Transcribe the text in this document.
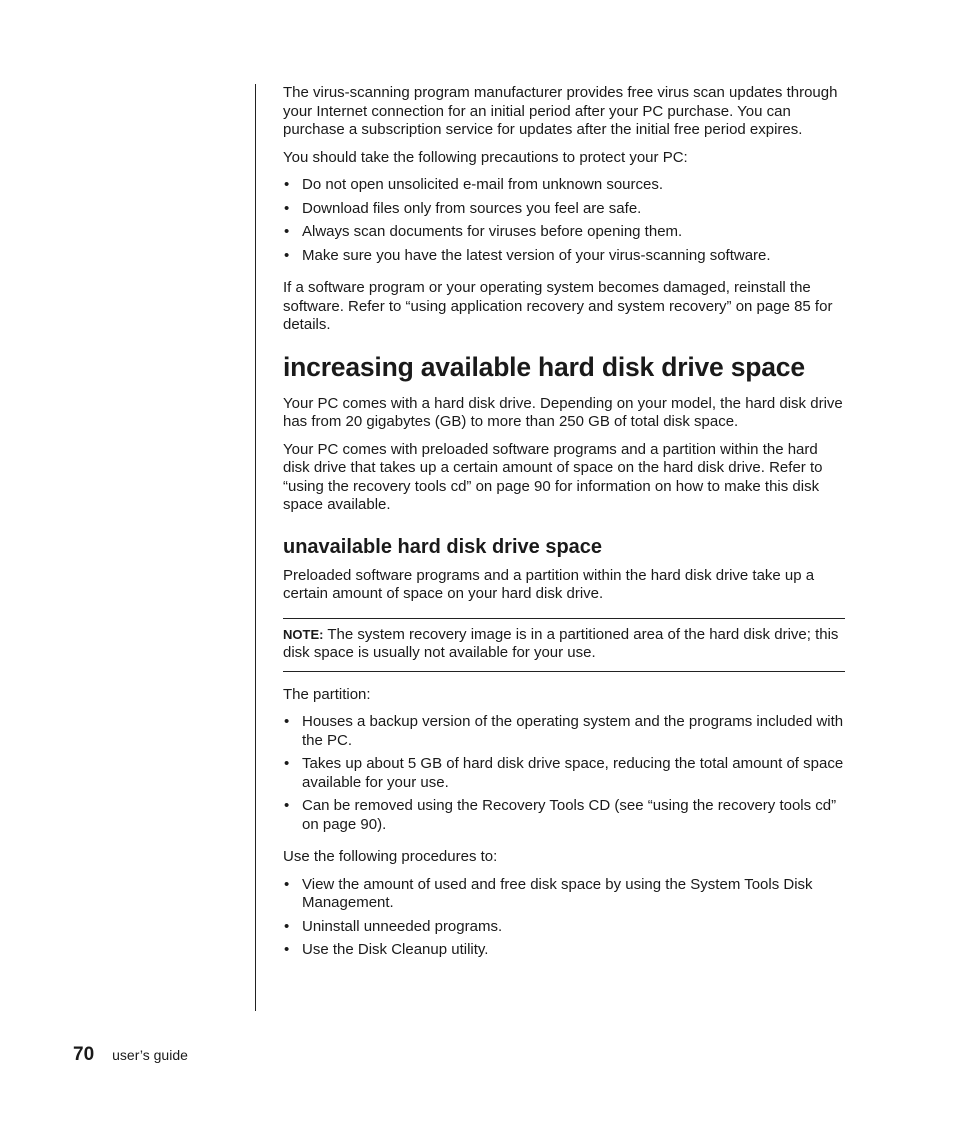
The virus-scanning program manufacturer provides free virus scan updates through your Internet connection for an initial period after your PC purchase. You can purchase a subscription service for updates after the initial free period expires.

You should take the following precautions to protect your PC:

• Do not open unsolicited e-mail from unknown sources.
• Download files only from sources you feel are safe.
• Always scan documents for viruses before opening them.
• Make sure you have the latest version of your virus-scanning software.

If a software program or your operating system becomes damaged, reinstall the software. Refer to “using application recovery and system recovery” on page 85 for details.

increasing available hard disk drive space

Your PC comes with a hard disk drive. Depending on your model, the hard disk drive has from 20 gigabytes (GB) to more than 250 GB of total disk space.

Your PC comes with preloaded software programs and a partition within the hard disk drive that takes up a certain amount of space on the hard disk drive. Refer to “using the recovery tools cd” on page 90 for information on how to make this disk space available.

unavailable hard disk drive space

Preloaded software programs and a partition within the hard disk drive take up a certain amount of space on your hard disk drive.

NOTE: The system recovery image is in a partitioned area of the hard disk drive; this disk space is usually not available for your use.

The partition:

• Houses a backup version of the operating system and the programs included with the PC.
• Takes up about 5 GB of hard disk drive space, reducing the total amount of space available for your use.
• Can be removed using the Recovery Tools CD (see “using the recovery tools cd” on page 90).

Use the following procedures to:

• View the amount of used and free disk space by using the System Tools Disk Management.
• Uninstall unneeded programs.
• Use the Disk Cleanup utility.
70 user’s guide
